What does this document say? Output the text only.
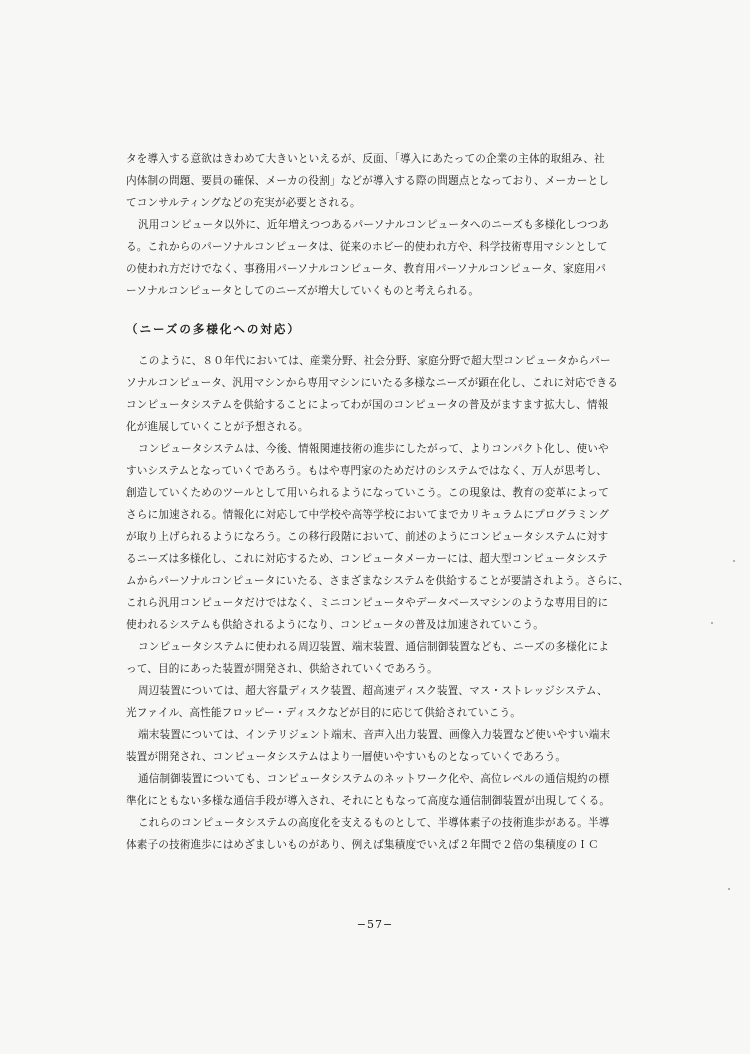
タを導入する意欲はきわめて大きいといえるが、反面、「導入にあたっての企業の主体的取組み、社
内体制の問題、要員の確保、メーカの役割」などが導入する際の問題点となっており、メーカーとし
てコンサルティングなどの充実が必要とされる。
汎用コンピュータ以外に、近年増えつつあるパーソナルコンピュータへのニーズも多様化しつつあ
る。これからのパーソナルコンピュータは、従来のホビー的使われ方や、科学技術専用マシンとして
の使われ方だけでなく、事務用パーソナルコンピュータ、教育用パーソナルコンピュータ、家庭用パ
ーソナルコンピュータとしてのニーズが増大していくものと考えられる。
（ニーズの多様化への対応）
このように、８０年代においては、産業分野、社会分野、家庭分野で超大型コンピュータからパー
ソナルコンピュータ、汎用マシンから専用マシンにいたる多様なニーズが顕在化し、これに対応できる
コンピュータシステムを供給することによってわが国のコンピュータの普及がますます拡大し、情報
化が進展していくことが予想される。
コンピュータシステムは、今後、情報関連技術の進歩にしたがって、よりコンパクト化し、使いや
すいシステムとなっていくであろう。もはや専門家のためだけのシステムではなく、万人が思考し、
創造していくためのツールとして用いられるようになっていこう。この現象は、教育の変革によって
さらに加速される。情報化に対応して中学校や高等学校においてまでカリキュラムにプログラミング
が取り上げられるようになろう。この移行段階において、前述のようにコンピュータシステムに対す
るニーズは多様化し、これに対応するため、コンピュータメーカーには、超大型コンピュータシステ
ムからパーソナルコンピュータにいたる、さまざまなシステムを供給することが要請されよう。さらに、
これら汎用コンピュータだけではなく、ミニコンピュータやデータベースマシンのような専用目的に
使われるシステムも供給されるようになり、コンピュータの普及は加速されていこう。
コンピュータシステムに使われる周辺装置、端末装置、通信制御装置なども、ニーズの多様化によ
って、目的にあった装置が開発され、供給されていくであろう。
周辺装置については、超大容量ディスク装置、超高速ディスク装置、マス・ストレッジシステム、
光ファイル、高性能フロッピー・ディスクなどが目的に応じて供給されていこう。
端末装置については、インテリジェント端末、音声入出力装置、画像入力装置など使いやすい端末
装置が開発され、コンピュータシステムはより一層使いやすいものとなっていくであろう。
通信制御装置についても、コンピュータシステムのネットワーク化や、高位レベルの通信規約の標
準化にともない多様な通信手段が導入され、それにともなって高度な通信制御装置が出現してくる。
これらのコンピュータシステムの高度化を支えるものとして、半導体素子の技術進歩がある。半導
体素子の技術進歩にはめざましいものがあり、例えば集積度でいえば２年間で２倍の集積度のＩＣ
−57−
